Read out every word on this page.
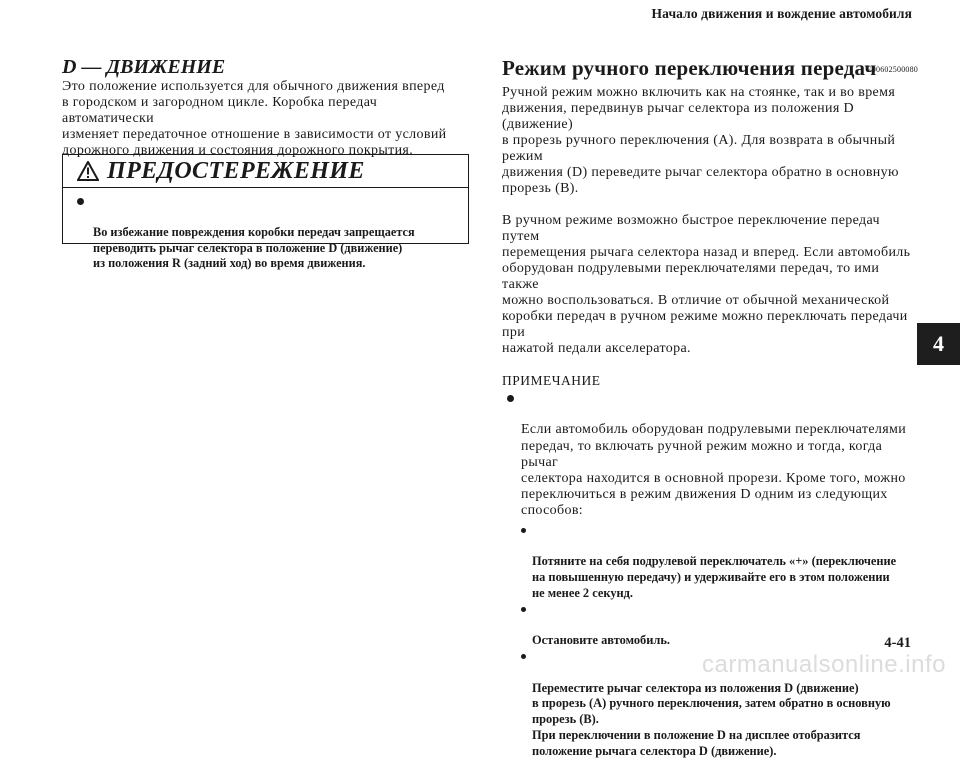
Начало движения и вождение автомобиля
D — ДВИЖЕНИЕ

Это положение используется для обычного движения вперед
в городском и загородном цикле. Коробка передач автоматически
изменяет передаточное отношение в зависимости от условий
дорожного движения и состояния дорожного покрытия.

ПРЕДОСТЕРЕЖЕНИЕ

Во избежание повреждения коробки передач запрещается
переводить рычаг селектора в положение D (движение)
из положения R (задний ход) во время движения.

Режим ручного переключения передач
E00602500080

Ручной режим можно включить как на стоянке, так и во время
движения, передвинув рычаг селектора из положения D (движение)
в прорезь ручного переключения (A). Для возврата в обычный режим
движения (D) переведите рычаг селектора обратно в основную
прорезь (B).

В ручном режиме возможно быстрое переключение передач путем
перемещения рычага селектора назад и вперед. Если автомобиль
оборудован подрулевыми переключателями передач, то ими также
можно воспользоваться. В отличие от обычной механической
коробки передач в ручном режиме можно переключать передачи при
нажатой педали акселератора.

ПРИМЕЧАНИЕ

Если автомобиль оборудован подрулевыми переключателями
передач, то включать ручной режим можно и тогда, когда рычаг
селектора находится в основной прорези. Кроме того, можно
переключиться в режим движения D одним из следующих
способов:

Потяните на себя подрулевой переключатель «+» (переключение
на повышенную передачу) и удерживайте его в этом положении
не менее 2 секунд.

Остановите автомобиль.

Переместите рычаг селектора из положения D (движение)
в прорезь (A) ручного переключения, затем обратно в основную
прорезь (B).
При переключении в положение D на дисплее отобразится
положение рычага селектора D (движение).

4
4-41
carmanualsonline.info
